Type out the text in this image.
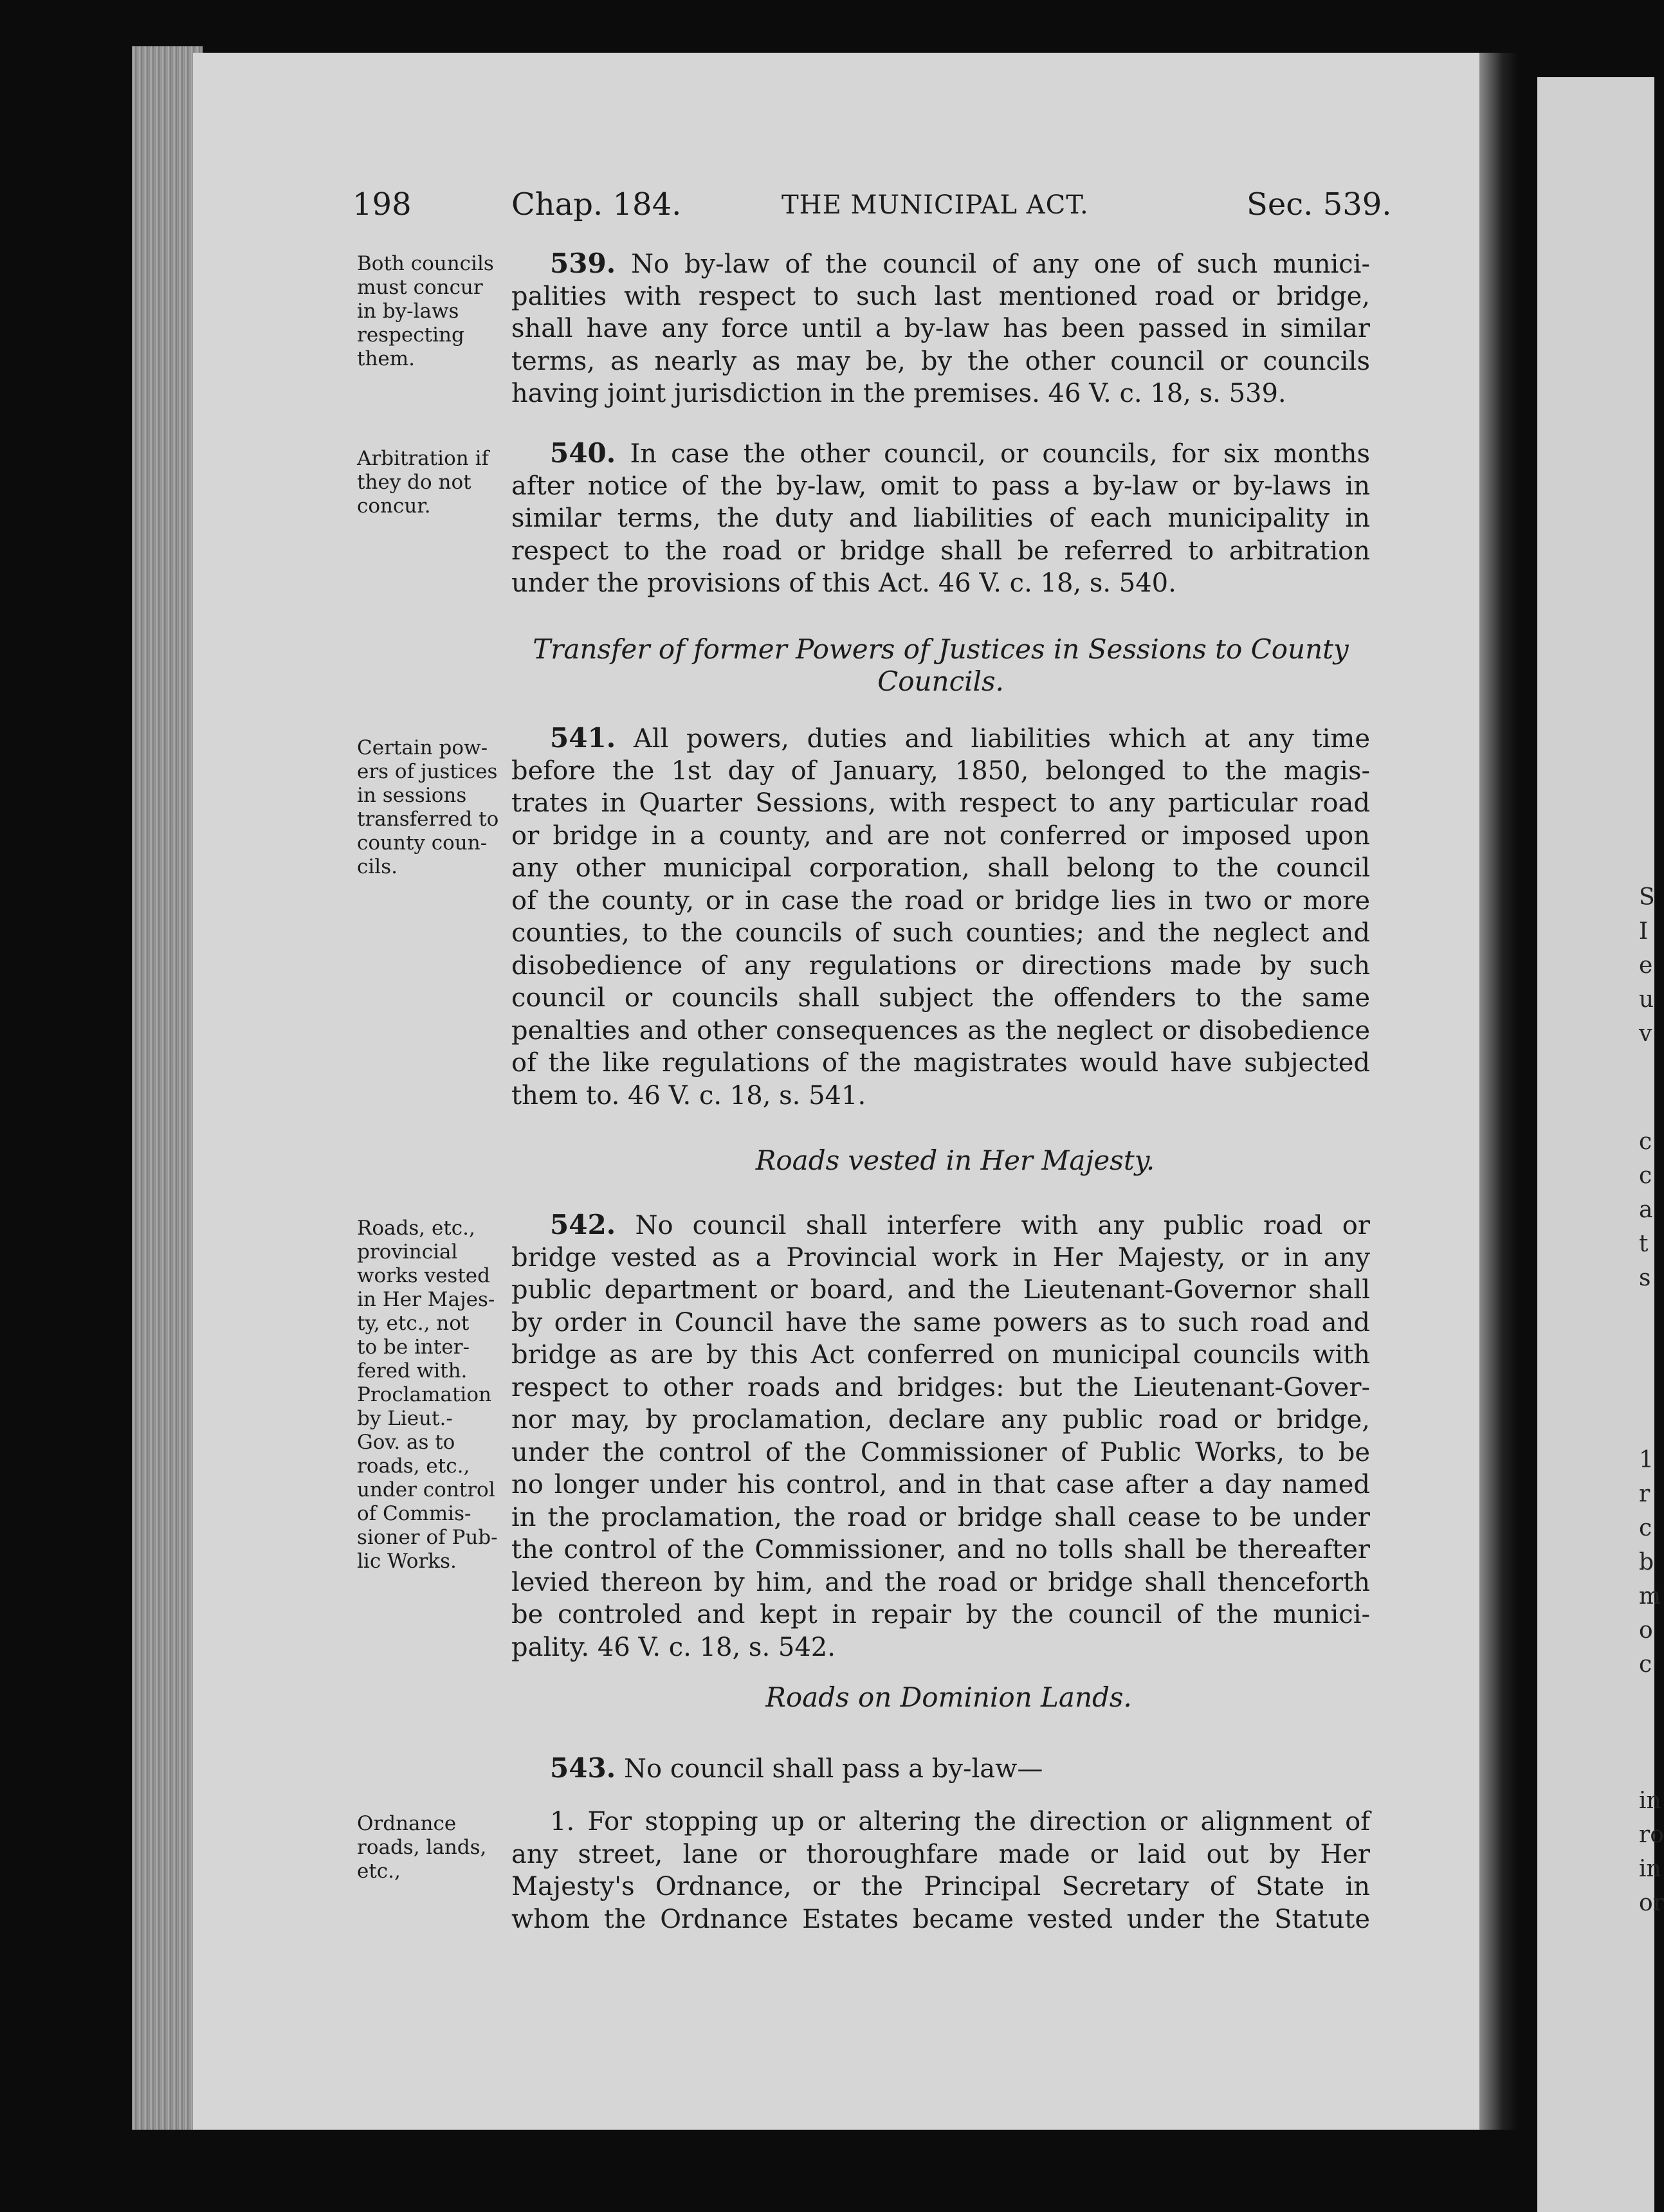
198	Chap. 184.	THE MUNICIPAL ACT.	Sec. 539.
Both councils
must concur
in by-laws
respecting
them.
539. No by-law of the council of any one of such munici-
palities with respect to such last mentioned road or bridge,
shall have any force until a by-law has been passed in similar
terms, as nearly as may be, by the other council or councils
having joint jurisdiction in the premises. 46 V. c. 18, s. 539.
Arbitration if
they do not
concur.
540. In case the other council, or councils, for six months
after notice of the by-law, omit to pass a by-law or by-laws in
similar terms, the duty and liabilities of each municipality in
respect to the road or bridge shall be referred to arbitration
under the provisions of this Act. 46 V. c. 18, s. 540.
Transfer of former Powers of Justices in Sessions to County
Councils.
Certain pow-
ers of justices
in sessions
transferred to
county coun-
cils.
541. All powers, duties and liabilities which at any time
before the 1st day of January, 1850, belonged to the magis-
trates in Quarter Sessions, with respect to any particular road
or bridge in a county, and are not conferred or imposed upon
any other municipal corporation, shall belong to the council
of the county, or in case the road or bridge lies in two or more
counties, to the councils of such counties; and the neglect and
disobedience of any regulations or directions made by such
council or councils shall subject the offenders to the same
penalties and other consequences as the neglect or disobedience
of the like regulations of the magistrates would have subjected
them to. 46 V. c. 18, s. 541.
Roads vested in Her Majesty.
Roads, etc.,
provincial
works vested
in Her Majes-
ty, etc., not
to be inter-
fered with.
Proclamation
by Lieut.-
Gov. as to
roads, etc.,
under control
of Commis-
sioner of Pub-
lic Works.
542. No council shall interfere with any public road or
bridge vested as a Provincial work in Her Majesty, or in any
public department or board, and the Lieutenant-Governor shall
by order in Council have the same powers as to such road and
bridge as are by this Act conferred on municipal councils with
respect to other roads and bridges: but the Lieutenant-Gover-
nor may, by proclamation, declare any public road or bridge,
under the control of the Commissioner of Public Works, to be
no longer under his control, and in that case after a day named
in the proclamation, the road or bridge shall cease to be under
the control of the Commissioner, and no tolls shall be thereafter
levied thereon by him, and the road or bridge shall thenceforth
be controled and kept in repair by the council of the munici-
pality. 46 V. c. 18, s. 542.
Roads on Dominion Lands.
543. No council shall pass a by-law—
Ordnance
roads, lands,
etc.,
1. For stopping up or altering the direction or alignment of
any street, lane or thoroughfare made or laid out by Her
Majesty's Ordnance, or the Principal Secretary of State in
whom the Ordnance Estates became vested under the Statute
S
I
e
u
v
c
c
a
t
s
1
r
c
b
m
o
c
in
ro
in
or
